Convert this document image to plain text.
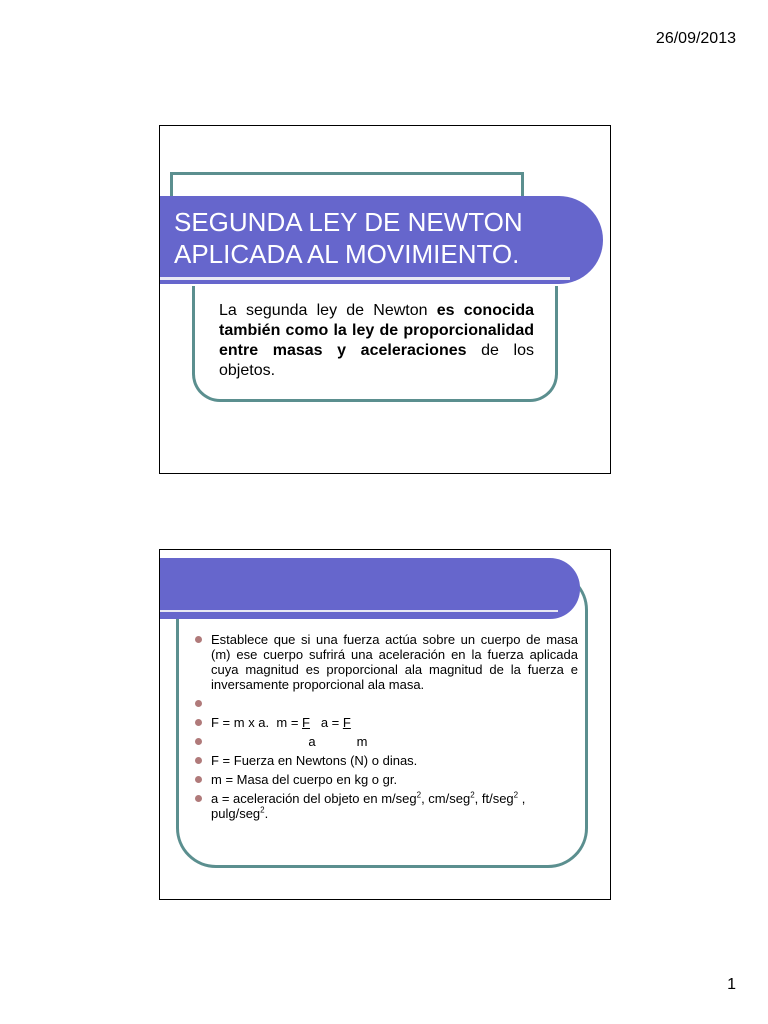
26/09/2013
SEGUNDA LEY DE NEWTON
APLICADA AL MOVIMIENTO.

La segunda ley de Newton es conocida también como la ley de proporcionalidad entre masas y aceleraciones de los objetos.

Establece que si una fuerza actúa sobre un cuerpo de masa (m) ese cuerpo sufrirá una aceleración en la fuerza aplicada cuya magnitud es proporcional ala magnitud de la fuerza e inversamente proporcional ala masa.
F = m x a.  m = F   a = F
a	m
F = Fuerza en Newtons (N) o dinas.
m = Masa del cuerpo en kg o gr.
a = aceleración del objeto en m/seg$^2$, cm/seg$^2$, ft/seg$^2$ , pulg/seg$^2$.
1
